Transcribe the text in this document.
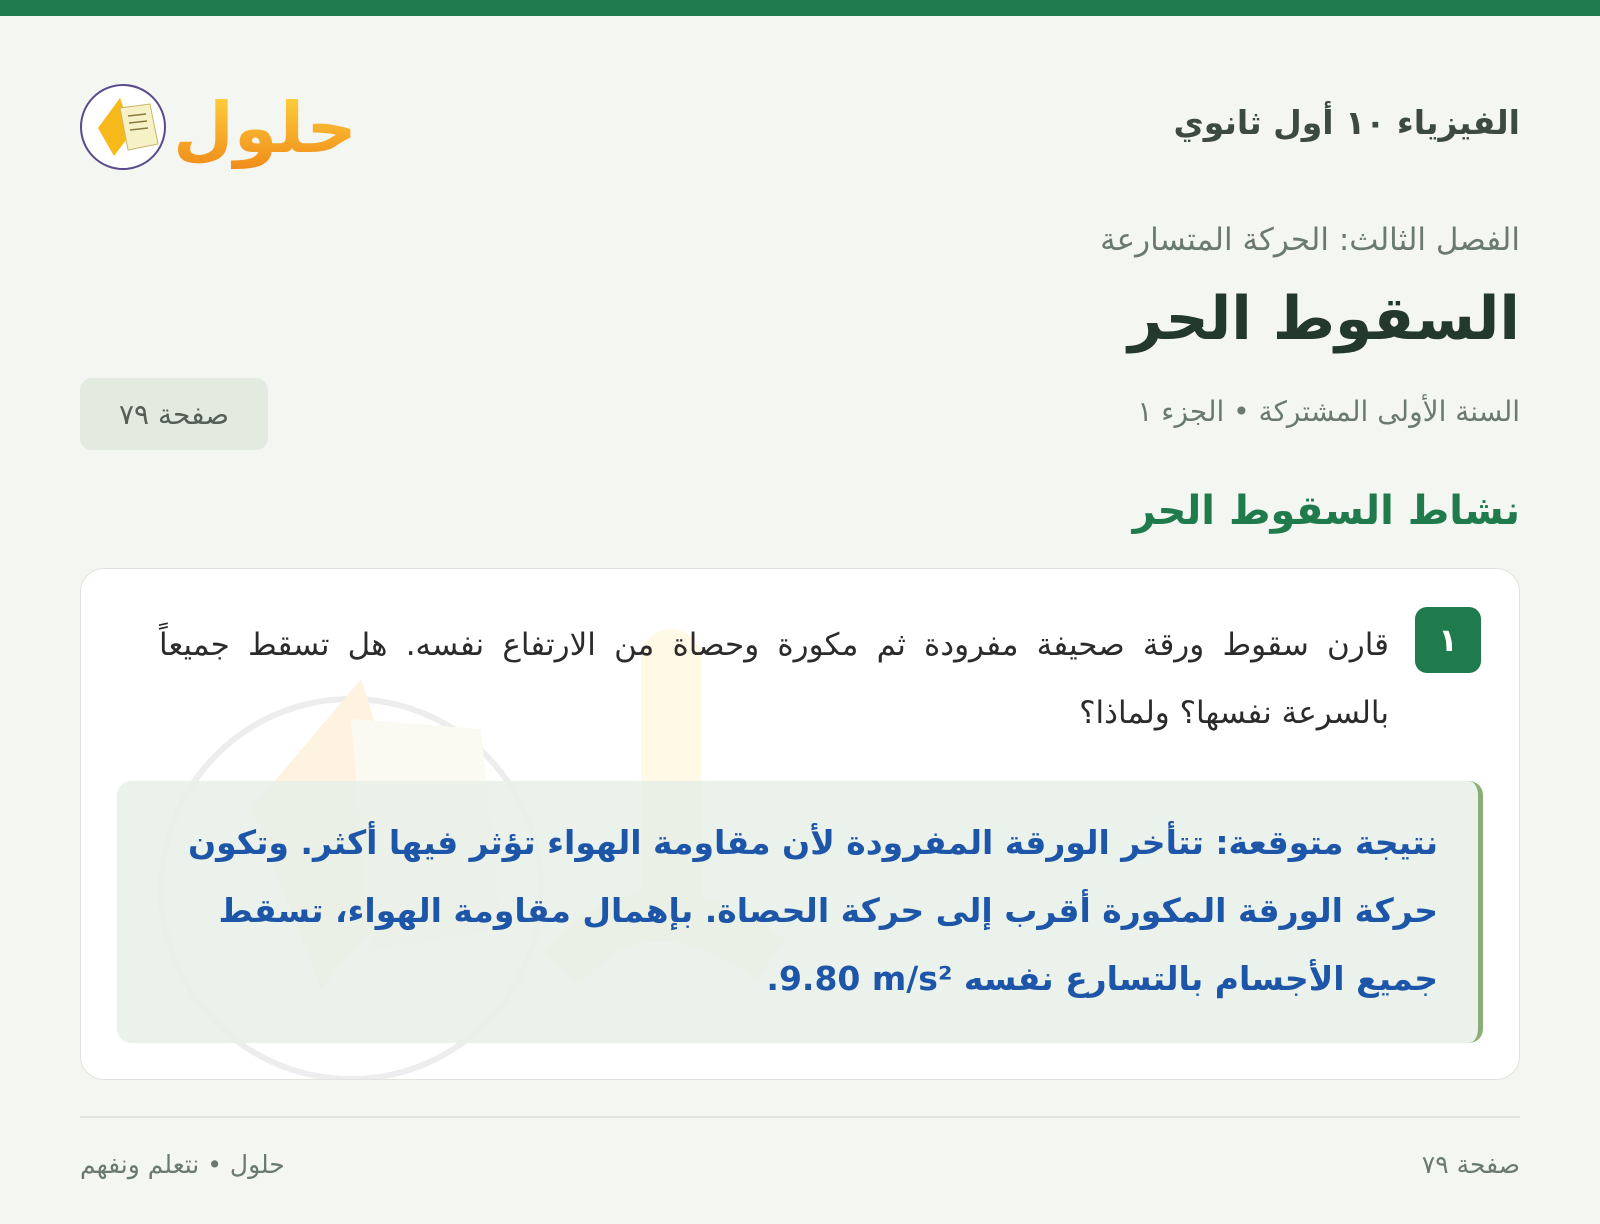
الفيزياء ١٠ أول ثانوي
حلول
الفصل الثالث: الحركة المتسارعة
السقوط الحر
السنة الأولى المشتركة • الجزء ١
صفحة ٧٩
نشاط السقوط الحر
١
قارن سقوط ورقة صحيفة مفرودة ثم مكورة وحصاة من الارتفاع نفسه. هل تسقط جميعاً بالسرعة نفسها؟ ولماذا؟
نتيجة متوقعة: تتأخر الورقة المفرودة لأن مقاومة الهواء تؤثر فيها أكثر. وتكون حركة الورقة المكورة أقرب إلى حركة الحصاة. بإهمال مقاومة الهواء، تسقط جميع الأجسام بالتسارع نفسه ‎9.80 m/s².
صفحة ٧٩
حلول • نتعلم ونفهم
